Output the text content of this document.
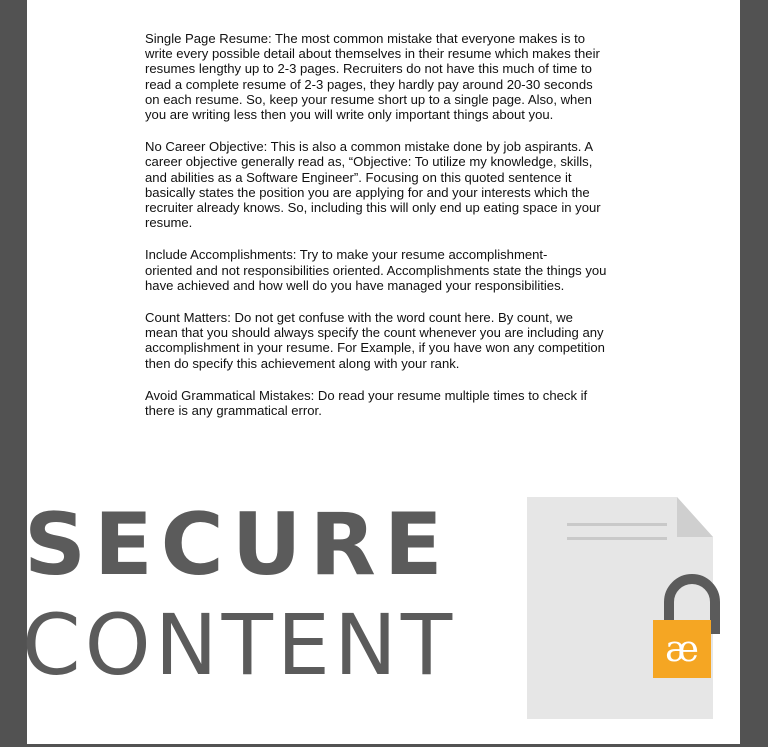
Single Page Resume: The most common mistake that everyone makes is to
write every possible detail about themselves in their resume which makes their
resumes lengthy up to 2-3 pages. Recruiters do not have this much of time to
read a complete resume of 2-3 pages, they hardly pay around 20-30 seconds
on each resume. So, keep your resume short up to a single page. Also, when
you are writing less then you will write only important things about you.

No Career Objective: This is also a common mistake done by job aspirants. A
career objective generally read as, “Objective: To utilize my knowledge, skills,
and abilities as a Software Engineer”. Focusing on this quoted sentence it
basically states the position you are applying for and your interests which the
recruiter already knows. So, including this will only end up eating space in your
resume.

Include Accomplishments: Try to make your resume accomplishment-
oriented and not responsibilities oriented. Accomplishments state the things you
have achieved and how well do you have managed your responsibilities.

Count Matters: Do not get confuse with the word count here. By count, we
mean that you should always specify the count whenever you are including any
accomplishment in your resume. For Example, if you have won any competition
then do specify this achievement along with your rank.

Avoid Grammatical Mistakes: Do read your resume multiple times to check if
there is any grammatical error.

SECURE
CONTENT	æ
